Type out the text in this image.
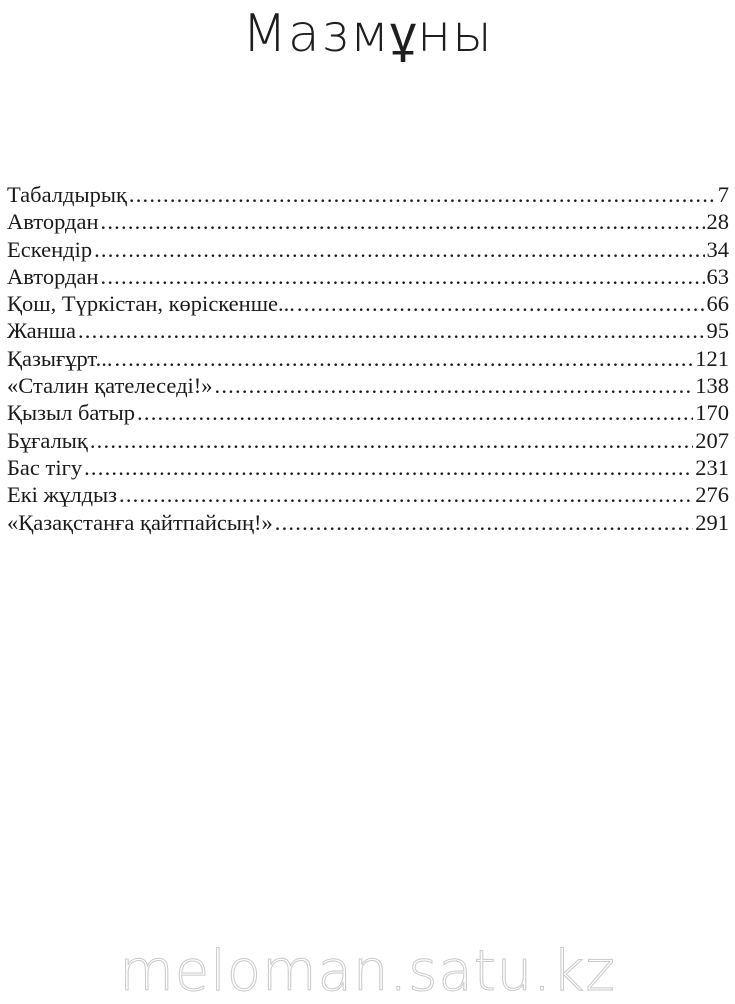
Мазмұны
Табалдырық .....	7
Автордан .....	28
Ескендір .....	34
Автордан .....	63
Қош, Түркістан, көріскенше... .....	66
Жанша .....	95
Қазығұрт... .....	121
«Сталин қателеседі!» .....	138
Қызыл батыр .....	170
Бұғалық .....	207
Бас тігу .....	231
Екі жұлдыз .....	276
«Қазақстанға қайтпайсың!» .....	291
meloman.satu.kz
